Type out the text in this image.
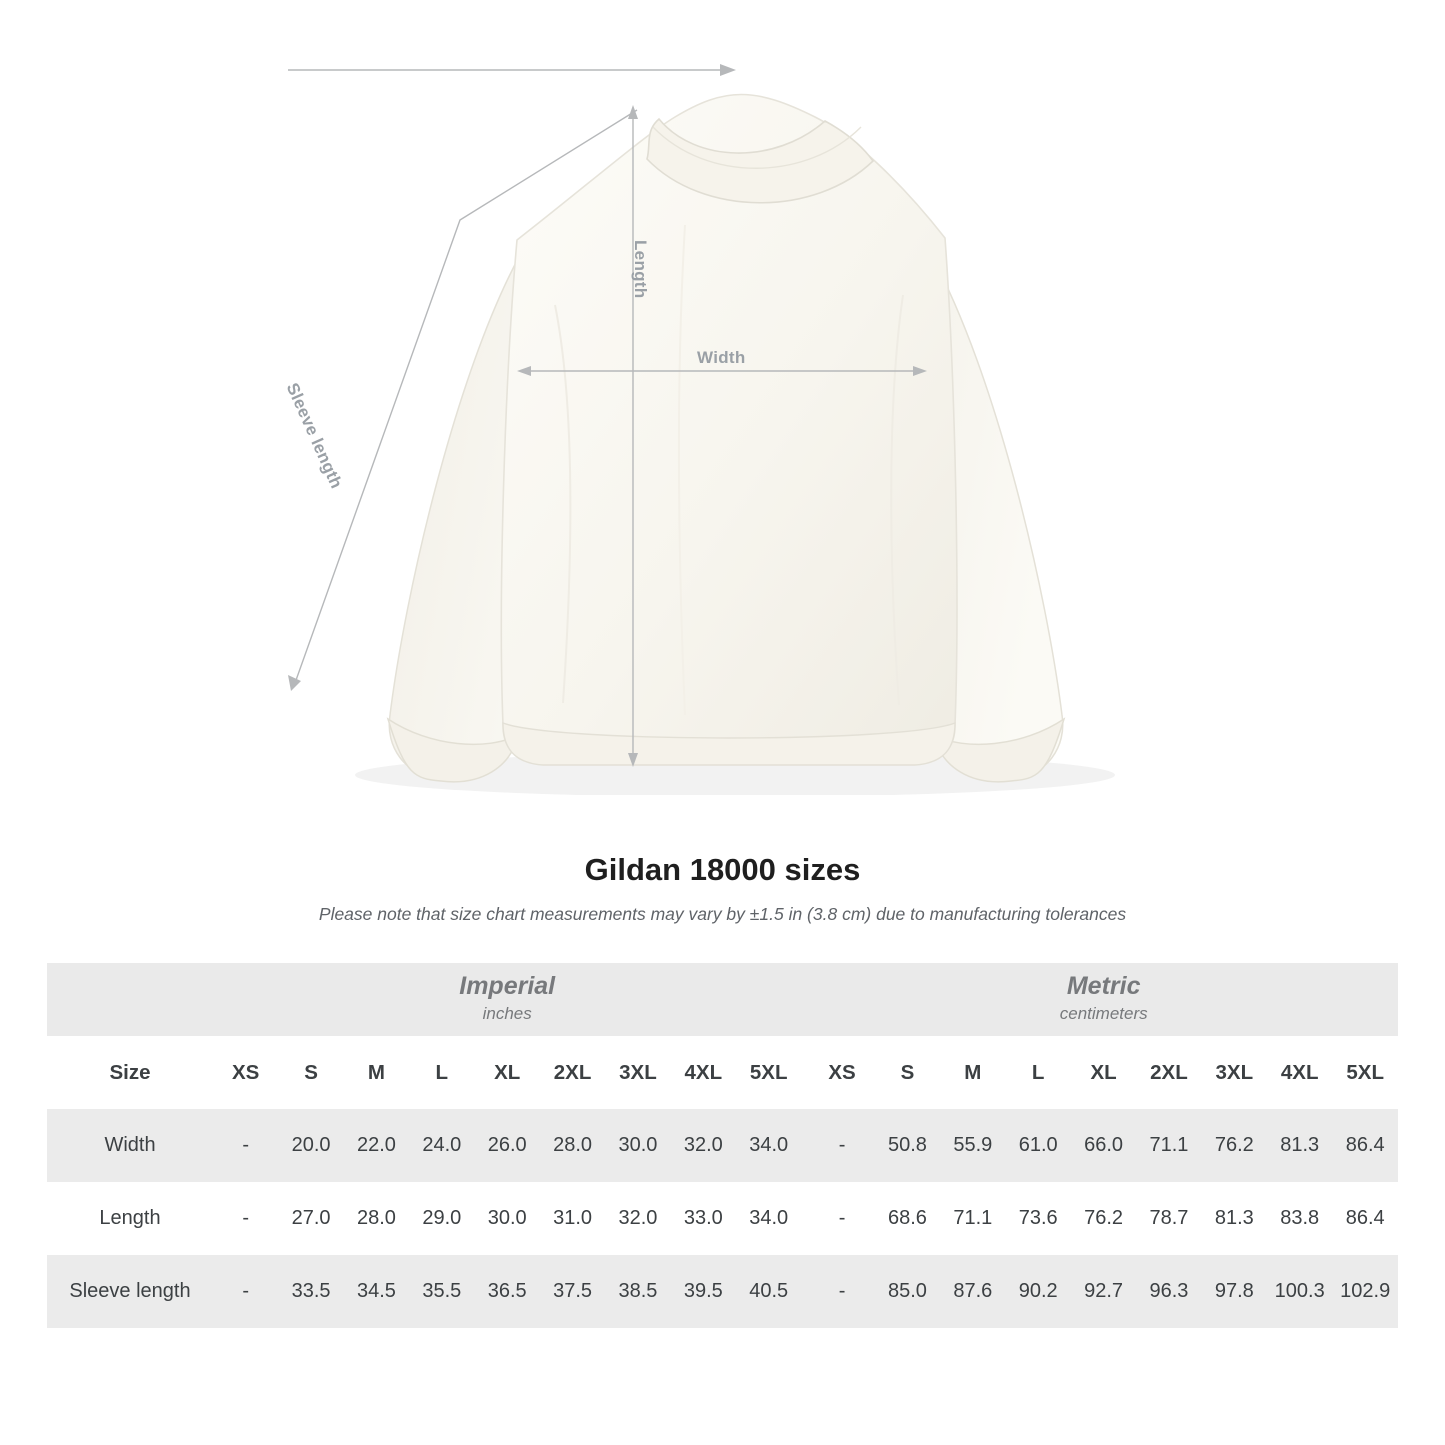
Length
Width
Sleeve length
Gildan 18000 sizes

Please note that size chart measurements may vary by ±1.5 in (3.8 cm) due to manufacturing tolerances

	Imperial
inches										Metric
centimeters								

Size	XS	S	M	L	XL	2XL	3XL	4XL	5XL		XS	S	M	L	XL	2XL	3XL	4XL	5XL
Width	-	20.0	22.0	24.0	26.0	28.0	30.0	32.0	34.0		-	50.8	55.9	61.0	66.0	71.1	76.2	81.3	86.4
Length	-	27.0	28.0	29.0	30.0	31.0	32.0	33.0	34.0		-	68.6	71.1	73.6	76.2	78.7	81.3	83.8	86.4
Sleeve length	-	33.5	34.5	35.5	36.5	37.5	38.5	39.5	40.5		-	85.0	87.6	90.2	92.7	96.3	97.8	100.3	102.9
